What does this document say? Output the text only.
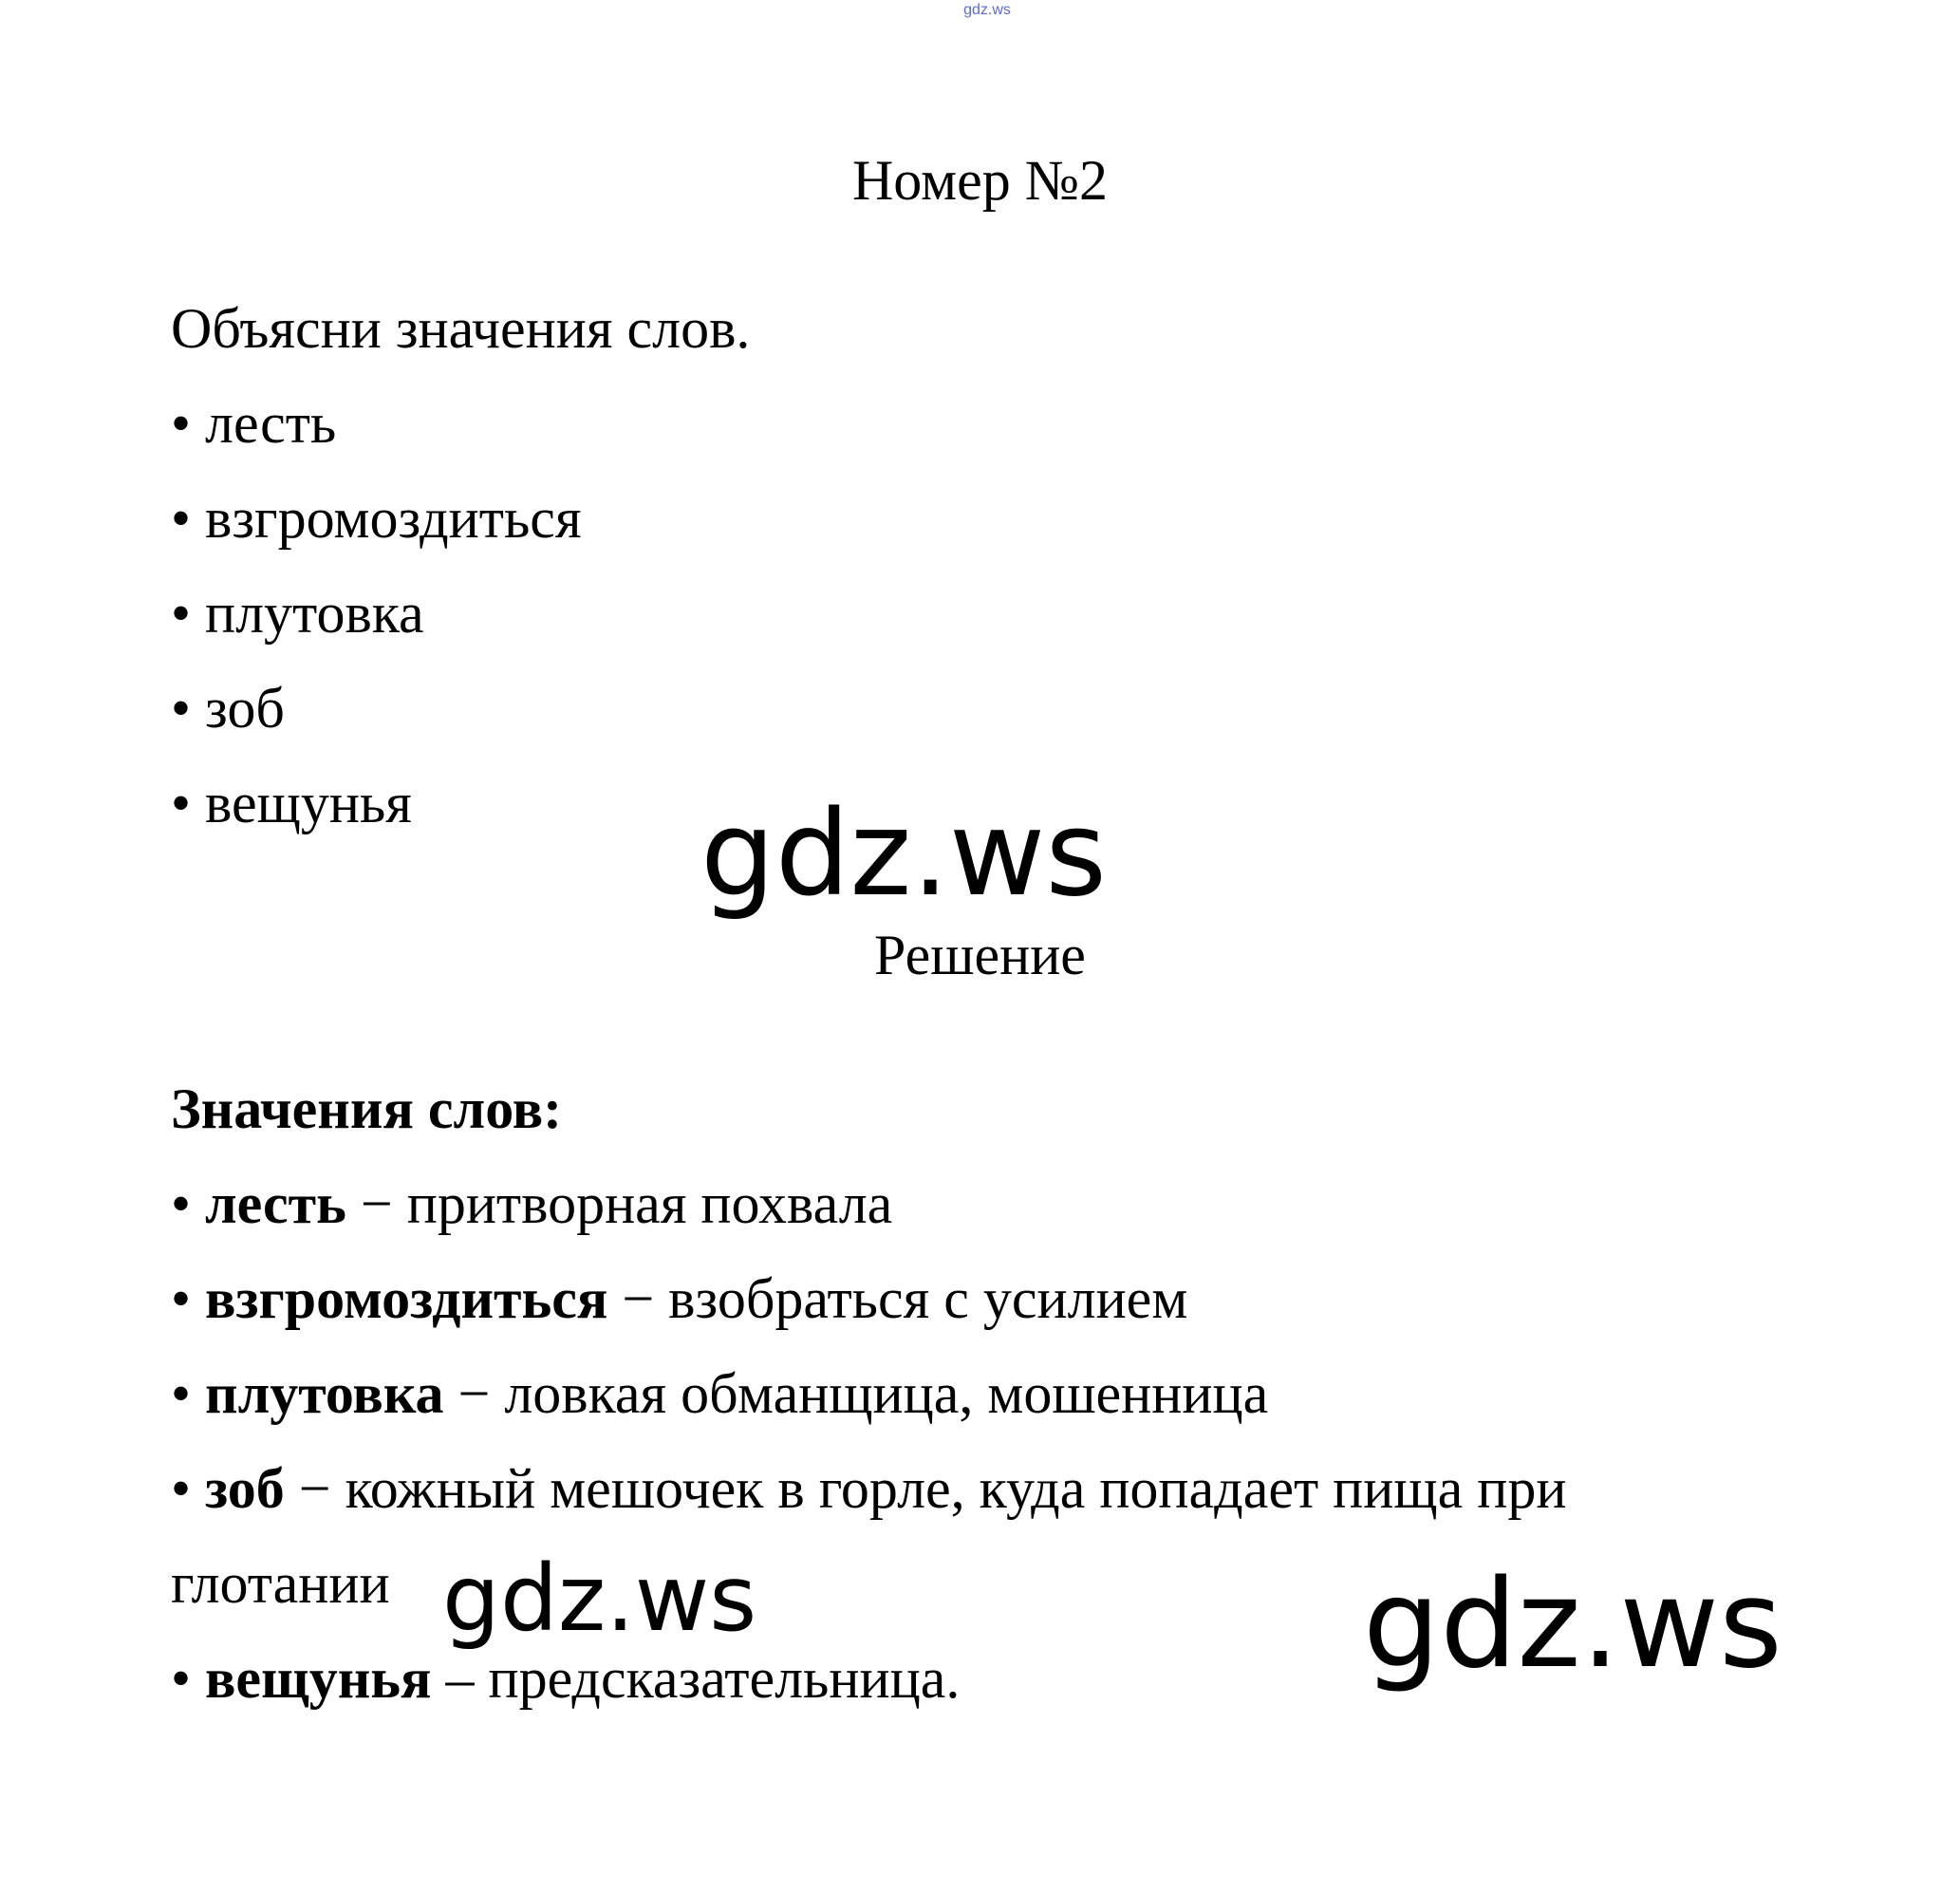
gdz.ws
Номер №2
Объясни значения слов.
• лесть
• взгромоздиться
• плутовка
• зоб
• вещунья	gdz.ws
Решение
Значения слов:
• лесть − притворная похвала
• взгромоздиться − взобраться с усилием
• плутовка − ловкая обманщица, мошенница
• зоб − кожный мешочек в горле, куда попадает пища при
глотании
• вещунья – предсказательница.
gdz.ws	gdz.ws
